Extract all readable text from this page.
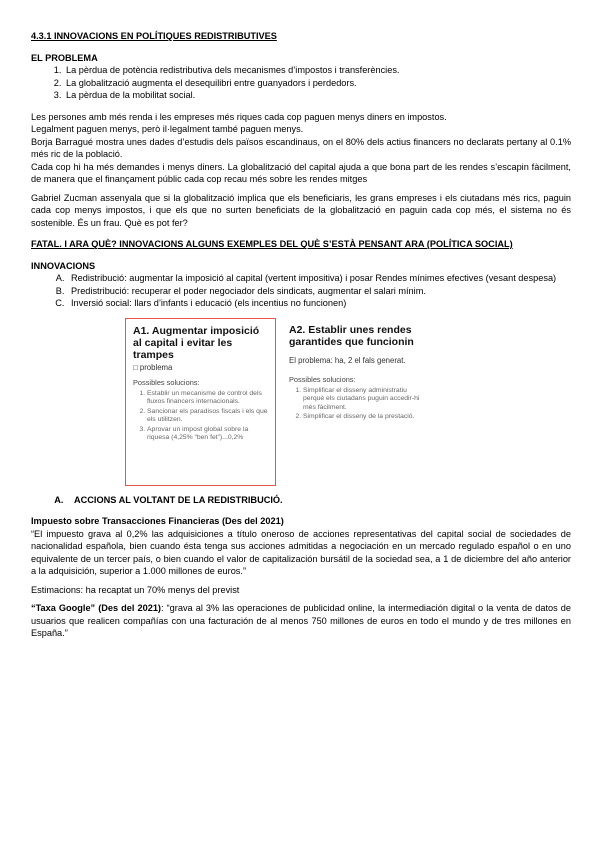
4.3.1 INNOVACIONS EN POLÍTIQUES REDISTRIBUTIVES
EL PROBLEMA
1. La pèrdua de potència redistributiva dels mecanismes d’impostos i transferències.
2. La globalització augmenta el desequilibri entre guanyadors i perdedors.
3. La pèrdua de la mobilitat social.

Les persones amb més renda i les empreses més riques cada cop paguen menys diners en impostos.

Legalment paguen menys, però il·legalment també paguen menys.

Borja Barragué mostra unes dades d’estudis dels països escandinaus, on el 80% dels actius financers no declarats pertany al 0.1% més ric de la població.

Cada cop hi ha més demandes i menys diners. La globalització del capital ajuda a que bona part de les rendes s’escapin fàcilment, de manera que el finançament públic cada cop recau més sobre les rendes mitges

Gabriel Zucman assenyala que si la globalització implica que els beneficiaris, les grans empreses i els ciutadans més rics, paguin cada cop menys impostos, i que els que no surten beneficiats de la globalització en paguin cada cop més, el sistema no és sostenible. És un frau. Què es pot fer?

FATAL. I ARA QUÈ? INNOVACIONS ALGUNS EXEMPLES DEL QUÈ S’ESTÀ PENSANT ARA (POLÍTICA SOCIAL)
INNOVACIONS
A. Redistribució: augmentar la imposició al capital (vertent impositiva) i posar Rendes mínimes efectives (vesant despesa)
B. Predistribució: recuperar el poder negociador dels sindicats, augmentar el salari mínim.
C. Inversió social: llars d’infants i educació (els incentius no funcionen)
A1. Augmentar imposició al capital i evitar les trampes
□ problema
Possibles solucions:
1. Establir un mecanisme de control dels fluxos financers internacionals.
2. Sancionar els paradisos fiscals i els que els utilitzen.
3. Aprovar un impost global sobre la riquesa (4,25% “ben fet”)...0,2%
A2. Establir unes rendes garantides que funcionin
El problema: ha, 2 el fals generat.
Possibles solucions:
1. Simplificar el disseny administratiu perquè els ciutadans puguin accedir-hi més fàcilment.
2. Simplificar el disseny de la prestació.
A. ACCIONS AL VOLTANT DE LA REDISTRIBUCIÓ.
Impuesto sobre Transacciones Financieras (Des del 2021)

“El impuesto grava al 0,2% las adquisiciones a título oneroso de acciones representativas del capital social de sociedades de nacionalidad española, bien cuando ésta tenga sus acciones admitidas a negociación en un mercado regulado español o en uno equivalente de un tercer país, o bien cuando el valor de capitalización bursátil de la sociedad sea, a 1 de diciembre del año anterior a la adquisición, superior a 1.000 millones de euros.”

Estimacions: ha recaptat un 70% menys del previst

“Taxa Google” (Des del 2021): “grava al 3% las operaciones de publicidad online, la intermediación digital o la venta de datos de usuarios que realicen compañías con una facturación de al menos 750 millones de euros en todo el mundo y de tres millones en España.”
